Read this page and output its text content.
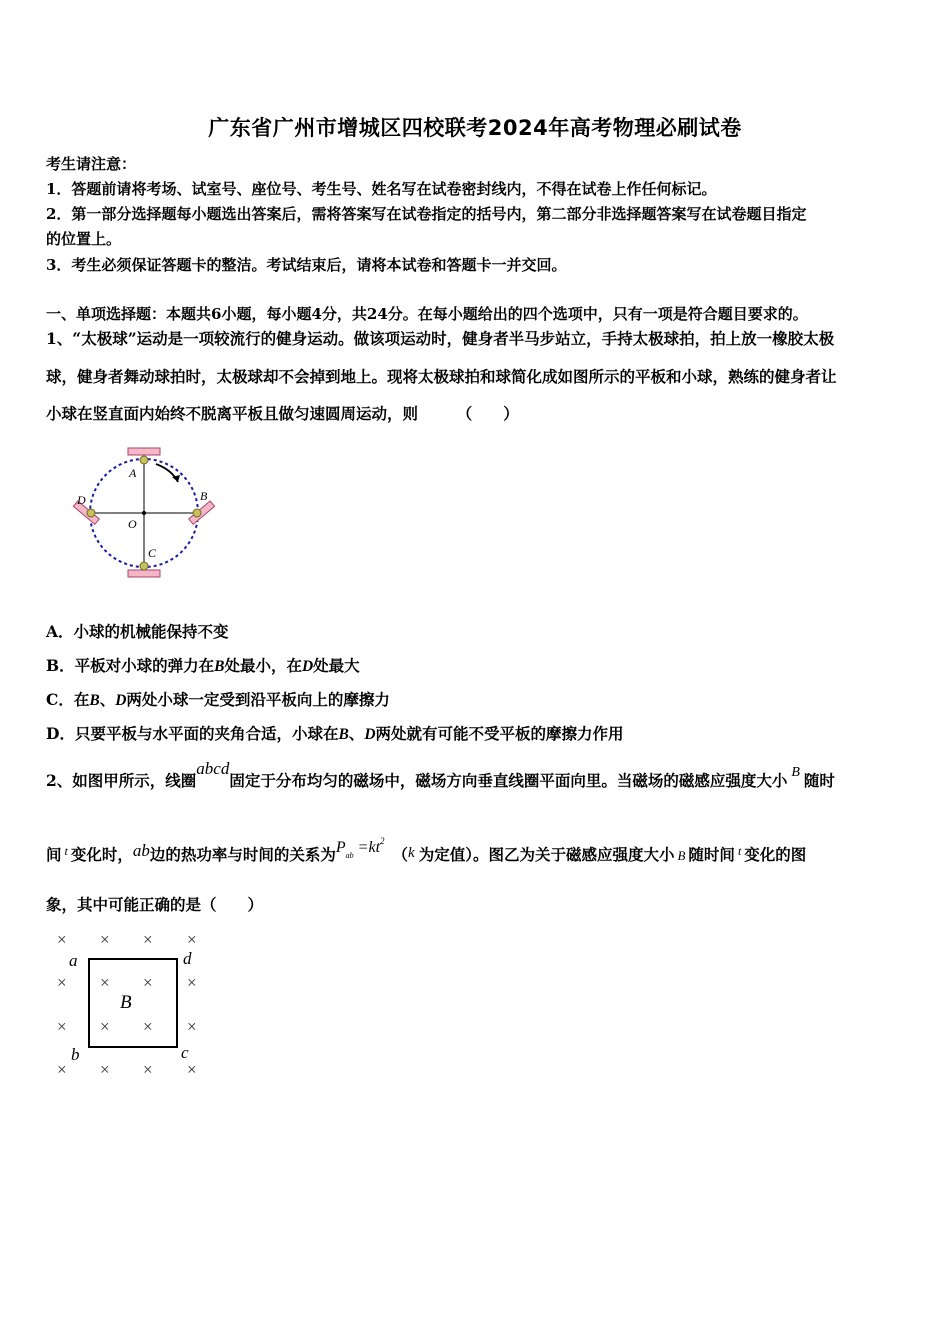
广东省广州市增城区四校联考2024年高考物理必刷试卷
考生请注意：
1．答题前请将考场、试室号、座位号、考生号、姓名写在试卷密封线内，不得在试卷上作任何标记。
2．第一部分选择题每小题选出答案后，需将答案写在试卷指定的括号内，第二部分非选择题答案写在试卷题目指定
的位置上。
3．考生必须保证答题卡的整洁。考试结束后，请将本试卷和答题卡一并交回。
一、单项选择题：本题共6小题，每小题4分，共24分。在每小题给出的四个选项中，只有一项是符合题目要求的。
1、“太极球”运动是一项较流行的健身运动。做该项运动时，健身者半马步站立，手持太极球拍，拍上放一橡胶太极
球，健身者舞动球拍时，太极球却不会掉到地上。现将太极球拍和球简化成如图所示的平板和小球，熟练的健身者让
小球在竖直面内始终不脱离平板且做匀速圆周运动，则　　　（　　）
A
B
C
D
O
A．小球的机械能保持不变
B．平板对小球的弹力在B处最小，在D处最大
C．在B、D两处小球一定受到沿平板向上的摩擦力
D．只要平板与水平面的夹角合适，小球在B、D两处就有可能不受平板的摩擦力作用
2、如图甲所示，线圈abcd固定于分布均匀的磁场中，磁场方向垂直线圈平面向里。当磁场的磁感应强度大小 B 随时
间 $^t$ 变化时，ab边的热功率与时间的关系为Pab $=kt^2(k$ 为定值）。图乙为关于磁感应强度大小 B 随时间 $^t$ 变化的图
象，其中可能正确的是（　　）
× × × ×
× × × ×
× × × ×
× × × ×
a	d
b	c
B
